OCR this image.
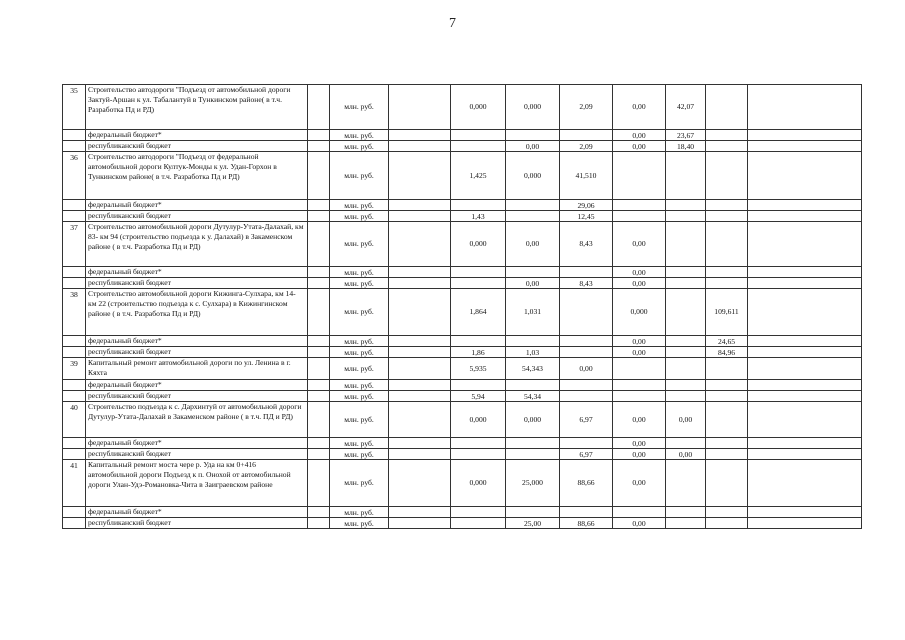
7
35	Строительство автодороги "Подъезд от автомобильной дороги Зактуй-Аршан к ул. Табалантуй в Тункинском районе( в т.ч. Разработка Пд и РД)		млн. руб.		0,000	0,000	2,09	0,00	42,07		
	федеральный бюджет*		млн. руб.					0,00	23,67		
	республиканский бюджет		млн. руб.			0,00	2,09	0,00	18,40		
36	Строительство автодороги "Подъезд от федеральной автомобильной дороги Култук-Монды к ул. Удан-Горхон в Тункинском районе( в т.ч. Разработка Пд и РД)		млн. руб.		1,425	0,000	41,510				
	федеральный бюджет*		млн. руб.				29,06				
	республиканский бюджет		млн. руб.		1,43		12,45				
37	Строительство автомобильной дороги Дутулур-Утата-Далахай, км 83- км 94 (строительство подъезда к у. Далахай) в Закаменском районе ( в т.ч. Разработка Пд и РД)		млн. руб.		0,000	0,00	8,43	0,00			
	федеральный бюджет*		млн. руб.					0,00			
	республиканский бюджет		млн. руб.			0,00	8,43	0,00			
38	Строительство автомобильной дороги Кижинга-Сулхара, км 14- км 22 (строительство подъезда к с. Сулхара) в Кижингинском районе ( в т.ч. Разработка Пд и РД)		млн. руб.		1,864	1,031		0,000		109,611	
	федеральный бюджет*		млн. руб.					0,00		24,65	
	республиканский бюджет		млн. руб.		1,86	1,03		0,00		84,96	
39	Капитальный ремонт автомобильной дороги по ул. Ленина в г. Кяхта		млн. руб.		5,935	54,343	0,00				
	федеральный бюджет*		млн. руб.								
	республиканский бюджет		млн. руб.		5,94	54,34					
40	Строительство подъезда к с. Дархинтуй от автомобильной дороги Дутулур-Утата-Далахай в Закаменском районе ( в т.ч. ПД и РД)		млн. руб.		0,000	0,000	6,97	0,00	0,00		
	федеральный бюджет*		млн. руб.					0,00			
	республиканский бюджет		млн. руб.				6,97	0,00	0,00		
41	Капитальный ремонт моста чере р. Уда на км 0+416 автомобильной дороги Подъезд к п. Онохой от автомобильной дороги Улан-Удэ-Романовка-Чита в Заиграевском районе		млн. руб.		0,000	25,000	88,66	0,00			
	федеральный бюджет*		млн. руб.								
	республиканский бюджет		млн. руб.			25,00	88,66	0,00			
